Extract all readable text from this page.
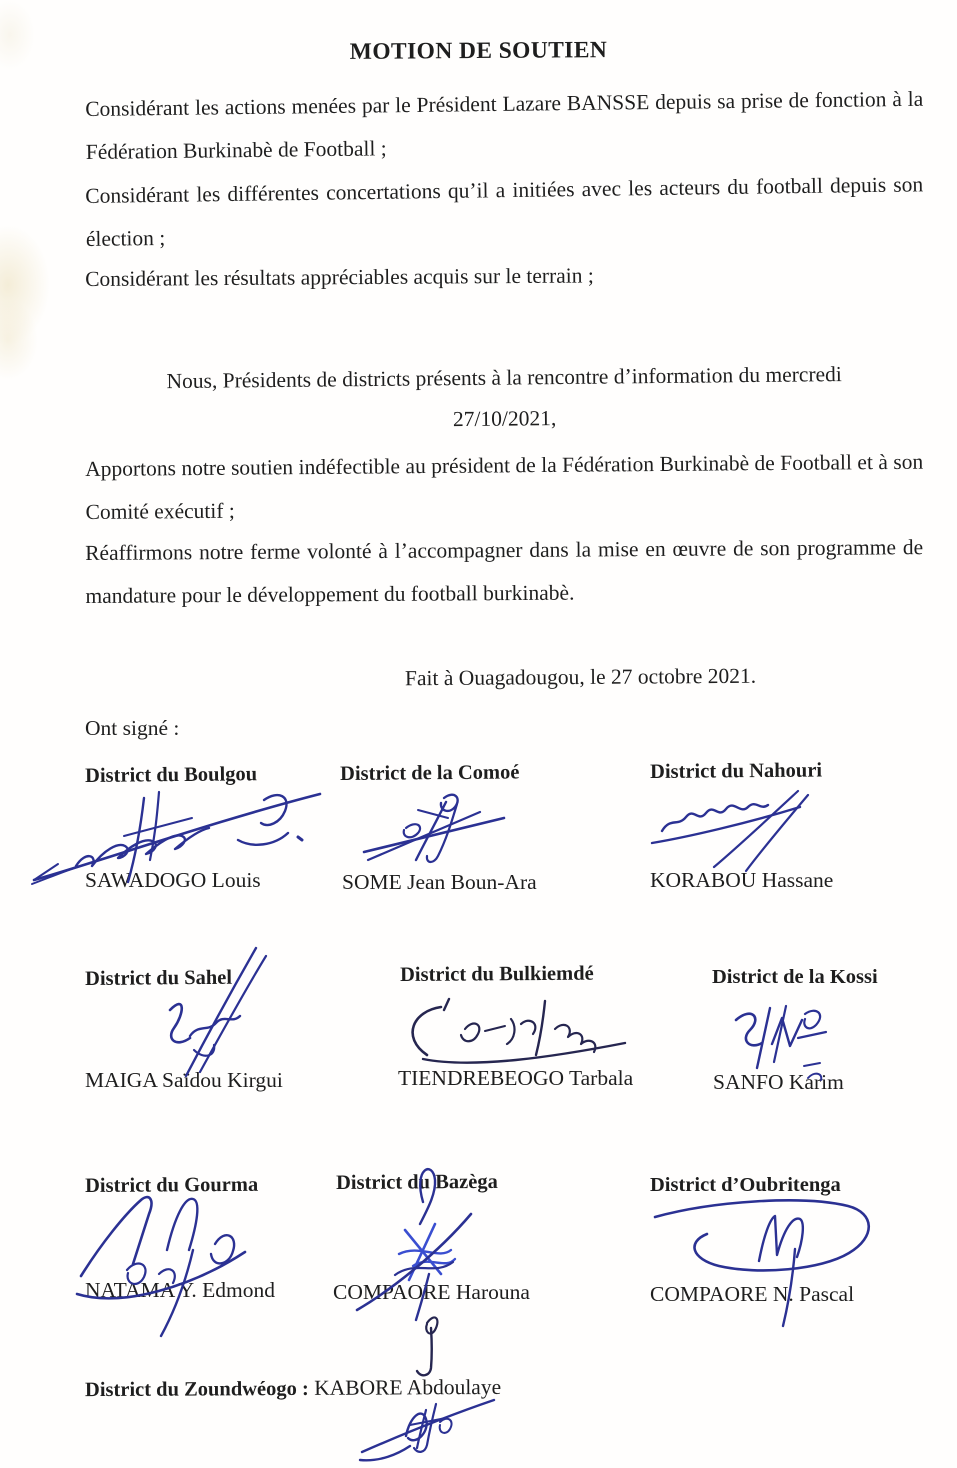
MOTION DE SOUTIEN
Considérant les actions menées par le Président Lazare BANSSE depuis sa prise de fonction à la Fédération Burkinabè de Football ;
Considérant les différentes concertations qu’il a initiées avec les acteurs du football depuis son élection ;
Considérant les résultats appréciables acquis sur le terrain ;
Nous, Présidents de districts présents à la rencontre d’information du mercredi
27/10/2021,
Apportons notre soutien indéfectible au président de la Fédération Burkinabè de Football et à son Comité exécutif ;
Réaffirmons notre ferme volonté à l’accompagner dans la mise en œuvre de son programme de mandature pour le développement du football burkinabè.
Fait à Ouagadougou, le 27 octobre 2021.
Ont signé :
District du Boulgou	District de la Comoé	District du Nahouri
SAWADOGO Louis	SOME Jean Boun-Ara	KORABOU Hassane
District du Sahel	District du Bulkiemdé	District de la Kossi
MAIGA Saïdou Kirgui	TIENDREBEOGO Tarbala	SANFO Karim
District du Gourma	District du Bazèga	District d’Oubritenga
NATAMA Y. Edmond	COMPAORE Harouna	COMPAORE N. Pascal
District du Zoundwéogo : KABORE Abdoulaye
